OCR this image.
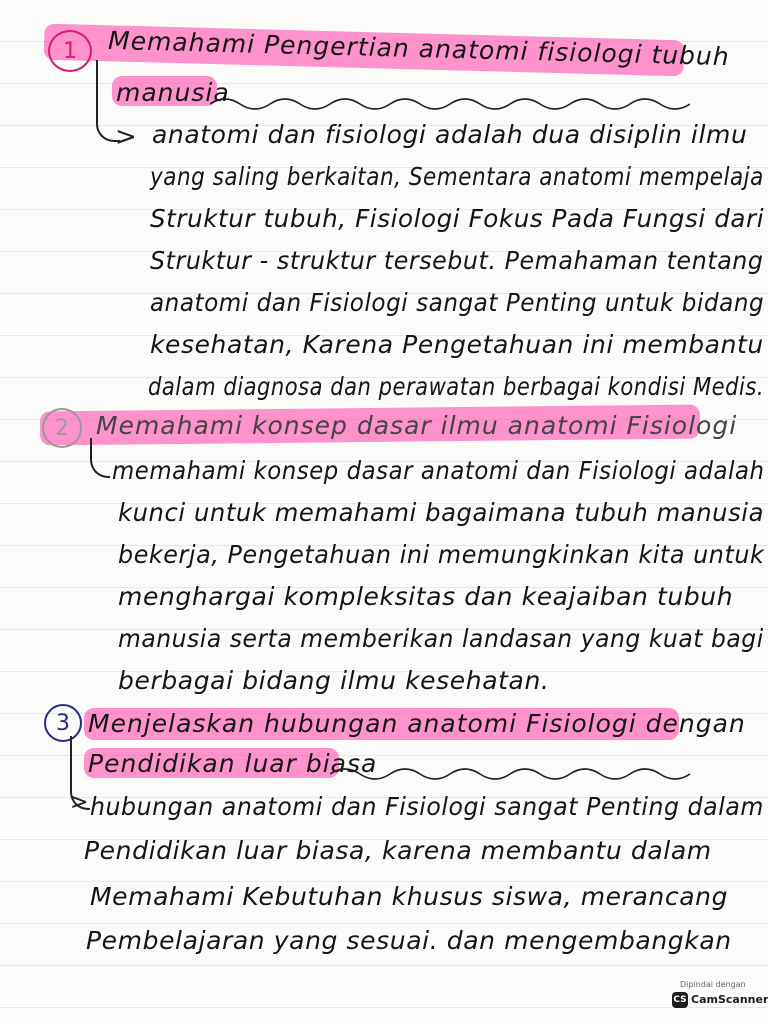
1	Memahami Pengertian anatomi fisiologi tubuh
manusia
> anatomi dan fisiologi adalah dua disiplin ilmu
yang saling berkaitan, Sementara anatomi mempelaja
Struktur tubuh, Fisiologi Fokus Pada Fungsi dari
Struktur - struktur tersebut. Pemahaman tentang
anatomi dan Fisiologi sangat Penting untuk bidang
kesehatan, Karena Pengetahuan ini membantu
dalam diagnosa dan perawatan berbagai kondisi Medis.
2	Memahami konsep dasar ilmu anatomi Fisiologi
memahami konsep dasar anatomi dan Fisiologi adalah
kunci untuk memahami bagaimana tubuh manusia
bekerja, Pengetahuan ini memungkinkan kita untuk
menghargai kompleksitas dan keajaiban tubuh
manusia serta memberikan landasan yang kuat bagi
berbagai bidang ilmu kesehatan.
3 Menjelaskan hubungan anatomi Fisiologi dengan
Pendidikan luar biasa
> hubungan anatomi dan Fisiologi sangat Penting dalam
Pendidikan luar biasa, karena membantu dalam
Memahami Kebutuhan khusus siswa, merancang
Pembelajaran yang sesuai. dan mengembangkan
Dipindai dengan
CS CamScanner
